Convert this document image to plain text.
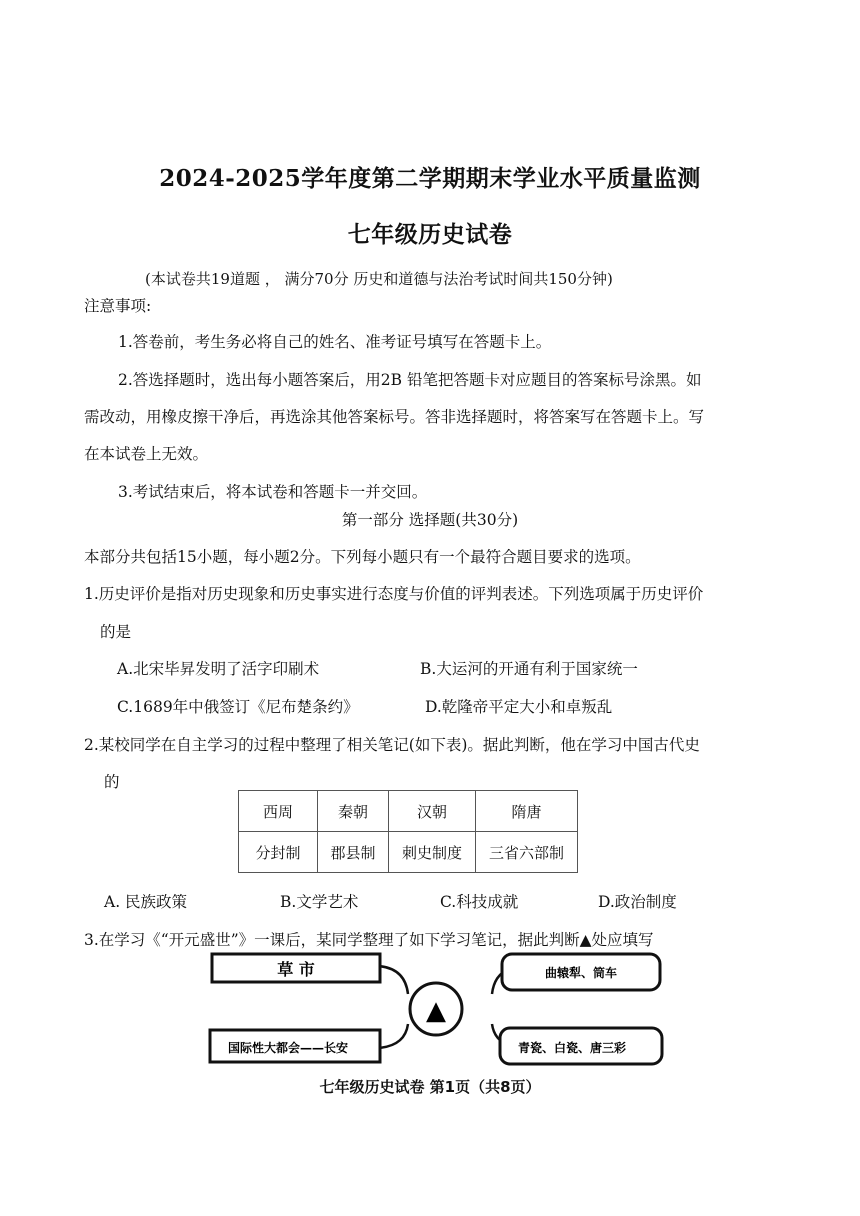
2024-2025学年度第二学期期末学业水平质量监测
七年级历史试卷
(本试卷共19道题 ， 满分70分 历史和道德与法治考试时间共150分钟)
注意事项:
1.答卷前，考生务必将自己的姓名、准考证号填写在答题卡上。
2.答选择题时，选出每小题答案后，用2B 铅笔把答题卡对应题目的答案标号涂黑。如
需改动，用橡皮擦干净后，再选涂其他答案标号。答非选择题时，将答案写在答题卡上。写
在本试卷上无效。
3.考试结束后，将本试卷和答题卡一并交回。
第一部分 选择题(共30分)
本部分共包括15小题，每小题2分。下列每小题只有一个最符合题目要求的选项。
1.历史评价是指对历史现象和历史事实进行态度与价值的评判表述。下列选项属于历史评价
的是
A.北宋毕昇发明了活字印刷术	B.大运河的开通有利于国家统一
C.1689年中俄签订《尼布楚条约》	D.乾隆帝平定大小和卓叛乱
2.某校同学在自主学习的过程中整理了相关笔记(如下表)。据此判断，他在学习中国古代史
的
西周	秦朝	汉朝	隋唐
分封制	郡县制	刺史制度	三省六部制
A. 民族政策	B.文学艺术	C.科技成就	D.政治制度
3.在学习《“开元盛世”》一课后，某同学整理了如下学习笔记，据此判断▲处应填写
草 市	曲辕犁、筒车
国际性大都会——长安	青瓷、白瓷、唐三彩
▲
七年级历史试卷 第1页（共8页）
